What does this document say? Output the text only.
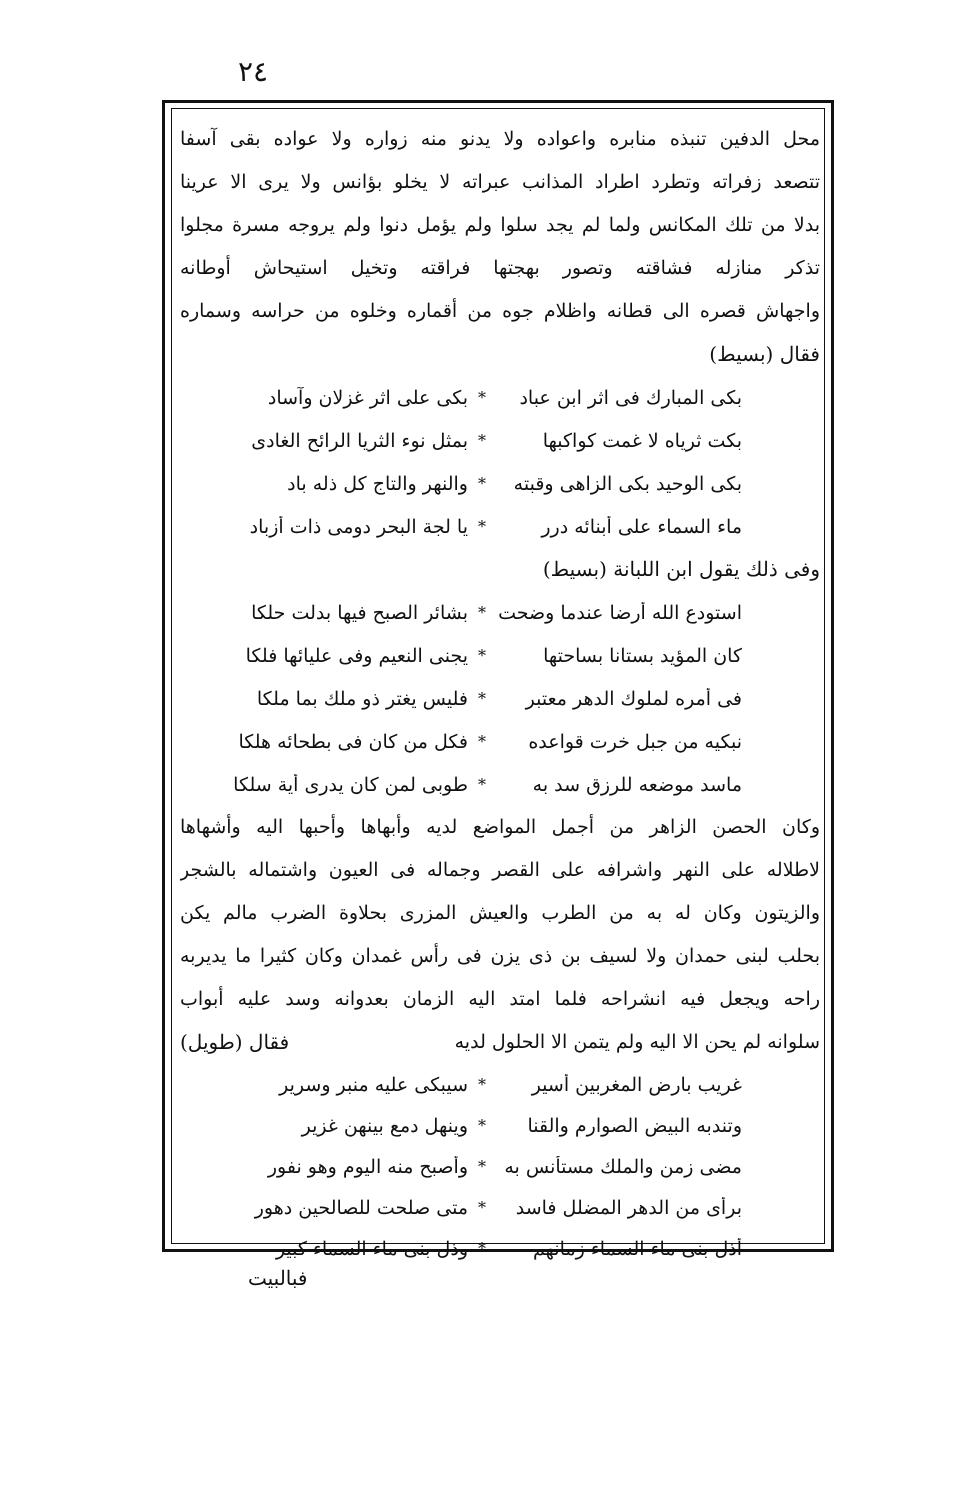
٢٤
محل الدفين تنبذه منابره واعواده ولا يدنو منه زواره ولا عواده بقى آسفا
تتصعد زفراته وتطرد اطراد المذانب عبراته لا يخلو بؤانس ولا يرى الا عرينا
بدلا من تلك المكانس ولما لم يجد سلوا ولم يؤمل دنوا ولم يروجه مسرة مجلوا
تذكر منازله فشاقته وتصور بهجتها فراقته وتخيل استيحاش أوطانه
واجهاش قصره الى قطانه واظلام جوه من أقماره وخلوه من حراسه وسماره
فقال (بسيط)
بكى المبارك فى اثر ابن عباد
*
بكى على اثر غزلان وآساد
بكت ثرياه لا غمت كواكبها
*
بمثل نوء الثريا الرائح الغادى
بكى الوحيد بكى الزاهى وقبته
*
والنهر والتاج كل ذله باد
ماء السماء على أبنائه درر
*
يا لجة البحر دومى ذات أزباد
وفى ذلك يقول ابن اللبانة (بسيط)
استودع الله أرضا عندما وضحت
*
بشائر الصبح فيها بدلت حلكا
كان المؤيد بستانا بساحتها
*
يجنى النعيم وفى عليائها فلكا
فى أمره لملوك الدهر معتبر
*
فليس يغتر ذو ملك بما ملكا
نبكيه من جبل خرت قواعده
*
فكل من كان فى بطحائه هلكا
ماسد موضعه للرزق سد به
*
طوبى لمن كان يدرى أية سلكا
وكان الحصن الزاهر من أجمل المواضع لديه وأبهاها وأحبها اليه وأشهاها
لاطلاله على النهر واشرافه على القصر وجماله فى العيون واشتماله بالشجر
والزيتون وكان له به من الطرب والعيش المزرى بحلاوة الضرب مالم يكن
بحلب لبنى حمدان ولا لسيف بن ذى يزن فى رأس غمدان وكان كثيرا ما يديربه
راحه ويجعل فيه انشراحه فلما امتد اليه الزمان بعدوانه وسد عليه أبواب
سلوانه لم يحن الا اليه ولم يتمن الا الحلول لديه
فقال (طويل)
غريب بارض المغربين أسير
*
سيبكى عليه منبر وسرير
وتندبه البيض الصوارم والقنا
*
وينهل دمع بينهن غزير
مضى زمن والملك مستأنس به
*
وأصبح منه اليوم وهو نفور
برأى من الدهر المضلل فاسد
*
متى صلحت للصالحين دهور
أذل بنى ماء السماء زمانهم
*
وذل بنى ماء السماء كبير
فبالبيت
